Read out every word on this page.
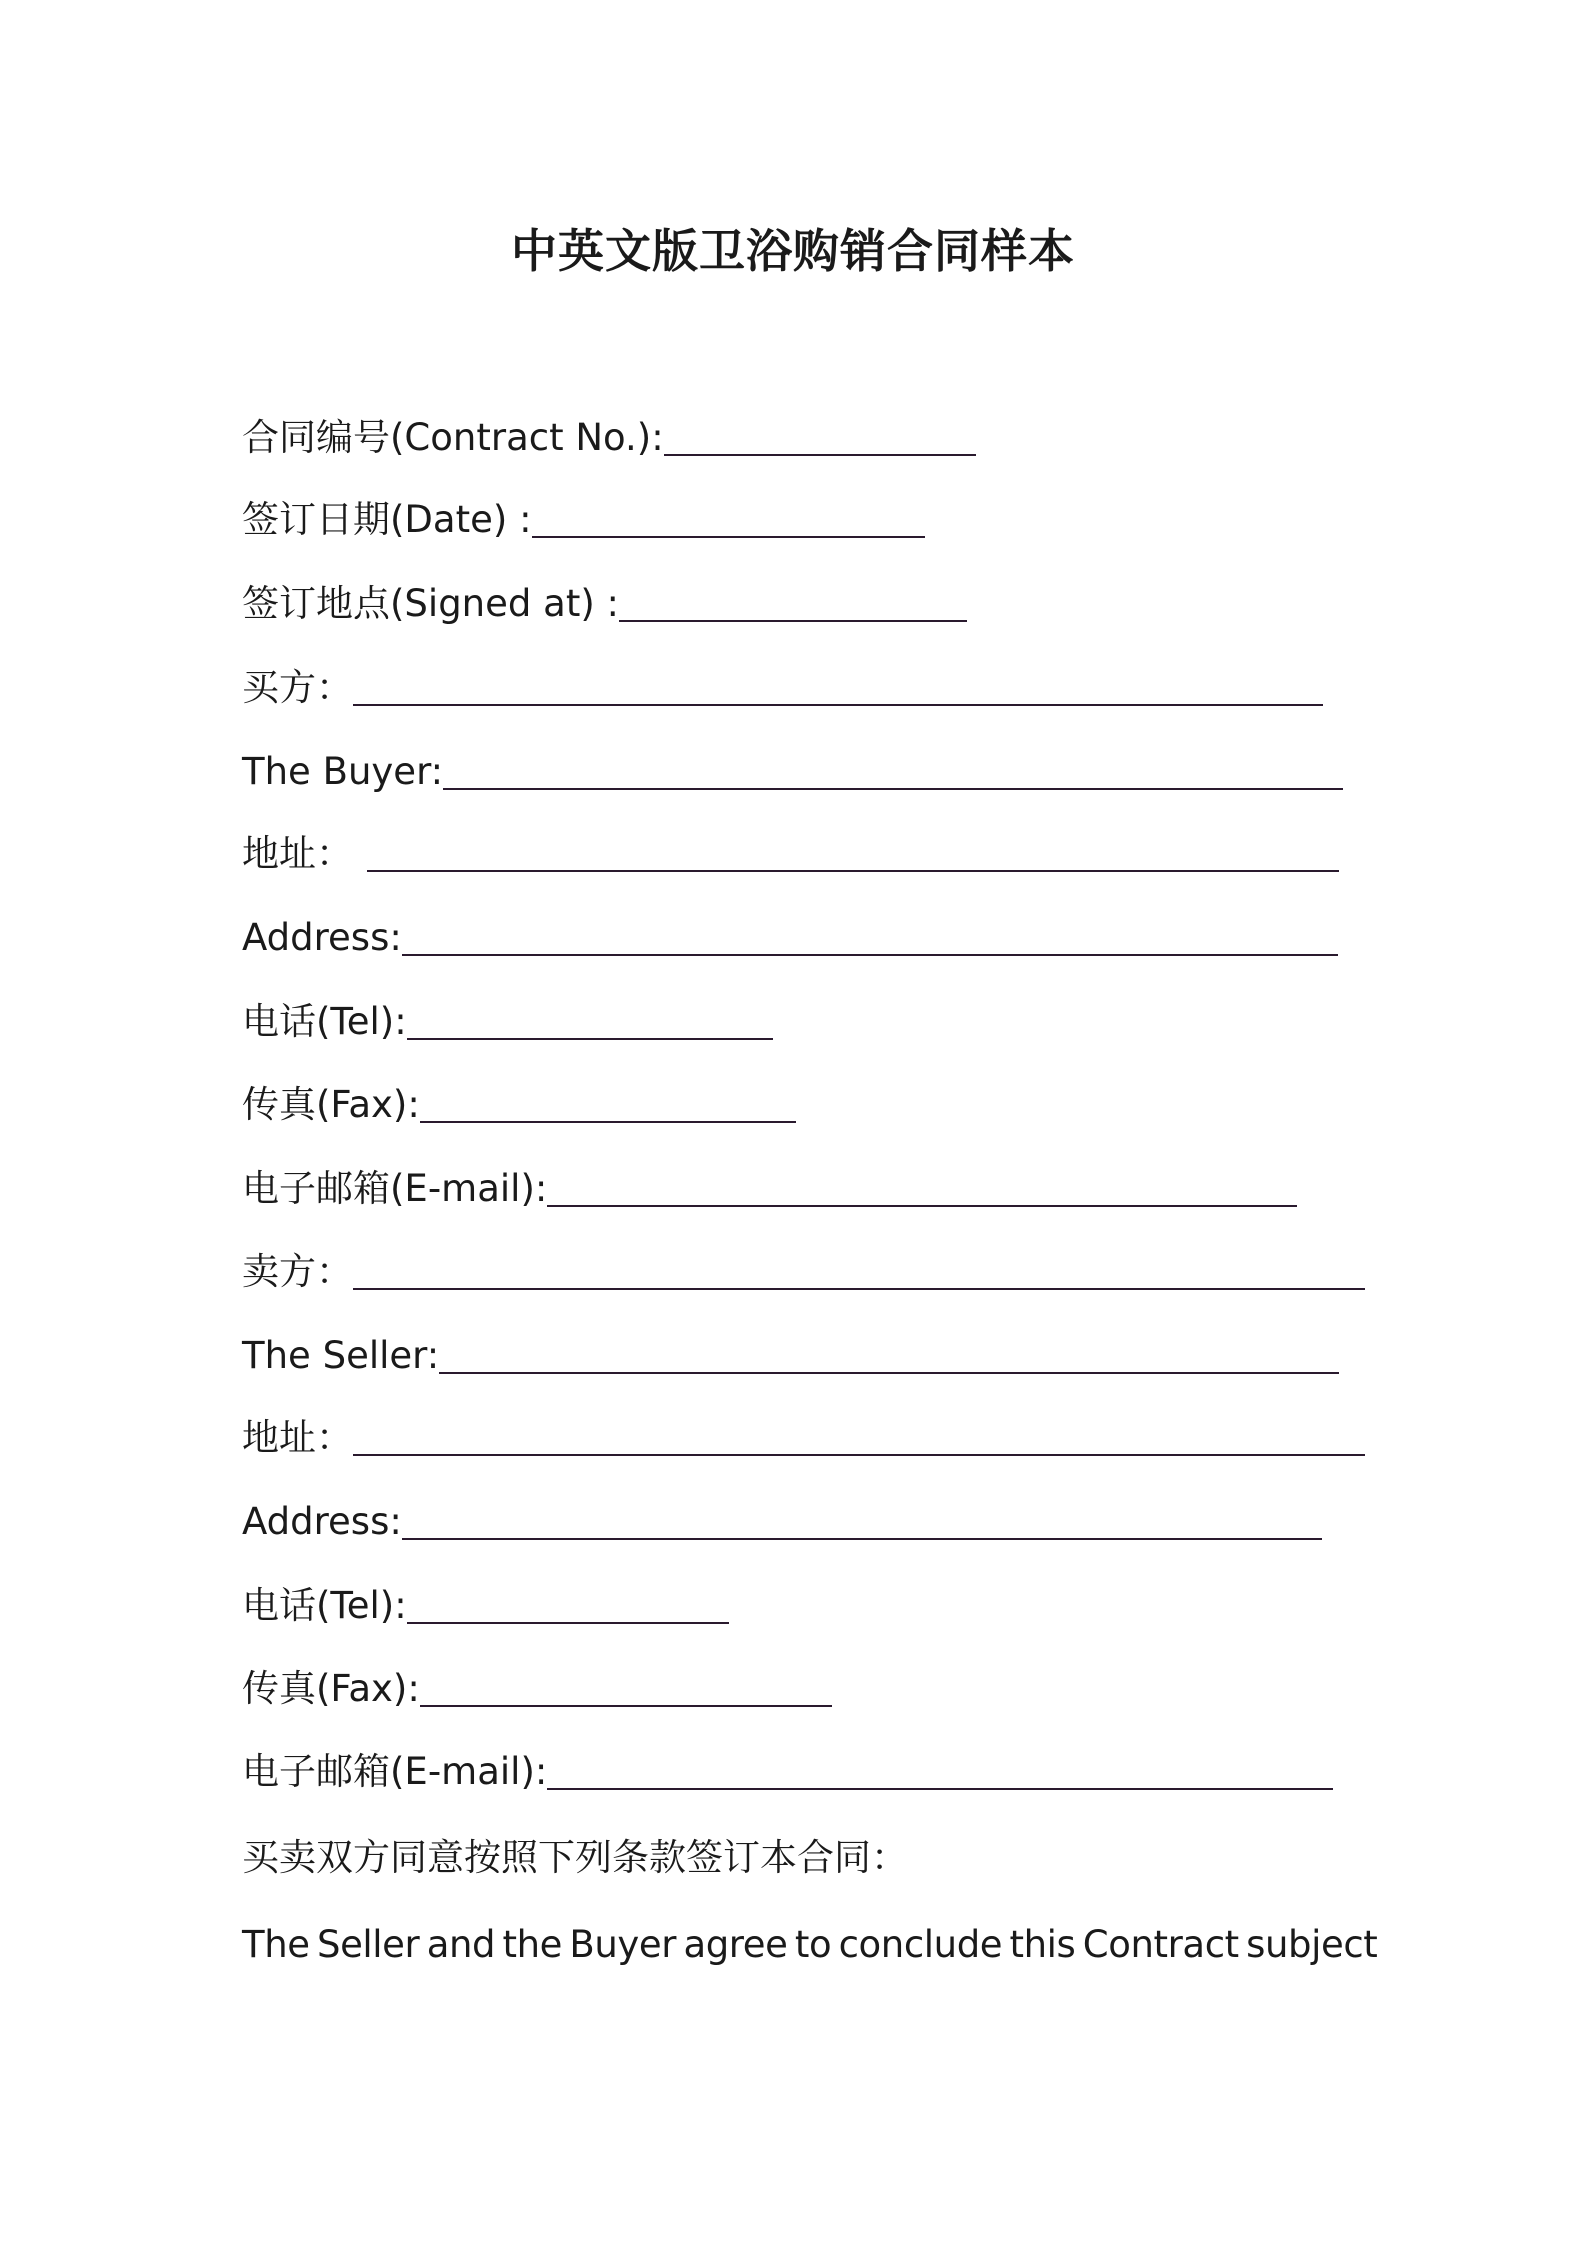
中英文版卫浴购销合同样本
合同编号(Contract No.):
签订日期(Date) :
签订地点(Signed at) :
买方：
The Buyer:
地址：
Address:
电话(Tel):
传真(Fax):
电子邮箱(E-mail):
卖方：
The Seller:
地址：
Address:
电话(Tel):
传真(Fax):
电子邮箱(E-mail):
买卖双方同意按照下列条款签订本合同：
The Seller and the Buyer agree to conclude this Contract subject
